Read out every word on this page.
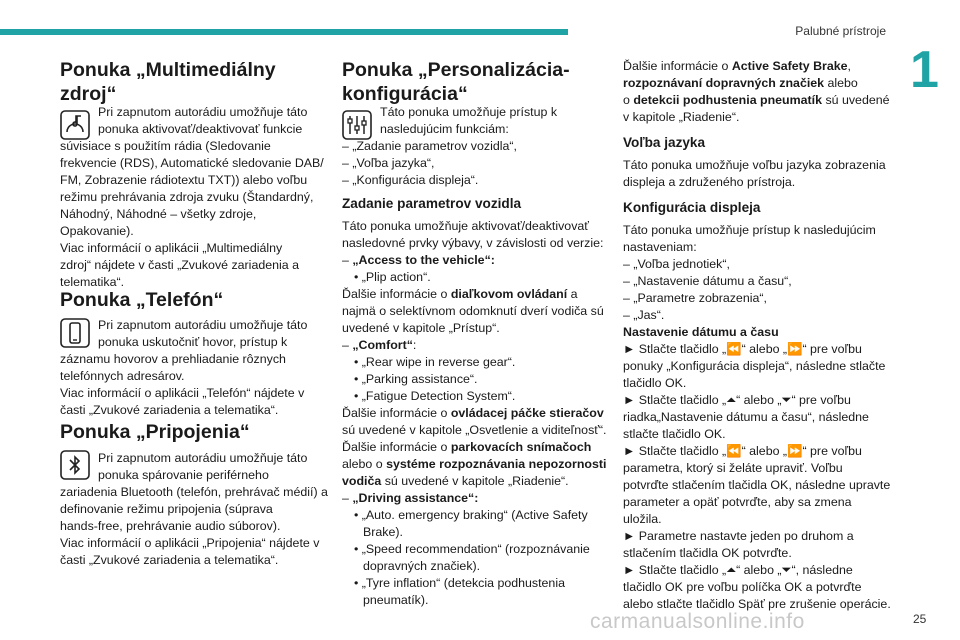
Palubné prístroje
1
Ponuka „Multimediálny
zdroj“
Pri zapnutom autorádiu umožňuje táto
ponuka aktivovať/deaktivovať funkcie
súvisiace s použitím rádia (Sledovanie
frekvencie (RDS), Automatické sledovanie DAB/
FM, Zobrazenie rádiotextu TXT)) alebo voľbu
režimu prehrávania zdroja zvuku (Štandardný,
Náhodný, Náhodné – všetky zdroje,
Opakovanie).
Viac informácií o aplikácii „Multimediálny
zdroj“ nájdete v časti „Zvukové zariadenia a
telematika“.
Ponuka „Telefón“
Pri zapnutom autorádiu umožňuje táto
ponuka uskutočniť hovor, prístup k
záznamu hovorov a prehliadanie rôznych
telefónnych adresárov.
Viac informácií o aplikácii „Telefón“ nájdete v
časti „Zvukové zariadenia a telematika“.
Ponuka „Pripojenia“
Pri zapnutom autorádiu umožňuje táto
ponuka spárovanie periférneho
zariadenia Bluetooth (telefón, prehrávač médií) a
definovanie režimu pripojenia (súprava
hands-free, prehrávanie audio súborov).
Viac informácií o aplikácii „Pripojenia“ nájdete v
časti „Zvukové zariadenia a telematika“.
Ponuka „Personalizácia-
konfigurácia“
Táto ponuka umožňuje prístup k
nasledujúcim funkciám:
– „Zadanie parametrov vozidla“,
– „Voľba jazyka“,
– „Konfigurácia displeja“.
Zadanie parametrov vozidla
Táto ponuka umožňuje aktivovať/deaktivovať
nasledovné prvky výbavy, v závislosti od verzie:
– „Access to the vehicle“:
• „Plip action“.
Ďalšie informácie o diaľkovom ovládaní a
najmä o selektívnom odomknutí dverí vodiča sú
uvedené v kapitole „Prístup“.
– „Comfort“:
• „Rear wipe in reverse gear“.
• „Parking assistance“.
• „Fatigue Detection System“.
Ďalšie informácie o ovládacej páčke stieračov
sú uvedené v kapitole „Osvetlenie a viditeľnosť“.
Ďalšie informácie o parkovacích snímačoch
alebo o systéme rozpoznávania nepozornosti
vodiča sú uvedené v kapitole „Riadenie“.
– „Driving assistance“:
• „Auto. emergency braking“ (Active Safety
Brake).
• „Speed recommendation“ (rozpoznávanie
dopravných značiek).
• „Tyre inflation“ (detekcia podhustenia
pneumatík).
Ďalšie informácie o Active Safety Brake,
rozpoznávaní dopravných značiek alebo
o detekcii podhustenia pneumatík sú uvedené
v kapitole „Riadenie“.
Voľba jazyka
Táto ponuka umožňuje voľbu jazyka zobrazenia
displeja a združeného prístroja.
Konfigurácia displeja
Táto ponuka umožňuje prístup k nasledujúcim
nastaveniam:
– „Voľba jednotiek“,
– „Nastavenie dátumu a času“,
– „Parametre zobrazenia“,
– „Jas“.
Nastavenie dátumu a času
► Stlačte tlačidlo „⏪“ alebo „⏩“ pre voľbu
ponuky „Konfigurácia displeja“, následne stlačte
tlačidlo OK.
► Stlačte tlačidlo „⏶“ alebo „⏷“ pre voľbu
riadka„Nastavenie dátumu a času“, následne
stlačte tlačidlo OK.
► Stlačte tlačidlo „⏪“ alebo „⏩“ pre voľbu
parametra, ktorý si želáte upraviť. Voľbu
potvrďte stlačením tlačidla OK, následne upravte
parameter a opäť potvrďte, aby sa zmena
uložila.
► Parametre nastavte jeden po druhom a
stlačením tlačidla OK potvrďte.
► Stlačte tlačidlo „⏶“ alebo „⏷“, následne
tlačidlo OK pre voľbu políčka OK a potvrďte
alebo stlačte tlačidlo Späť pre zrušenie operácie.
carmanualsonline.info	25
